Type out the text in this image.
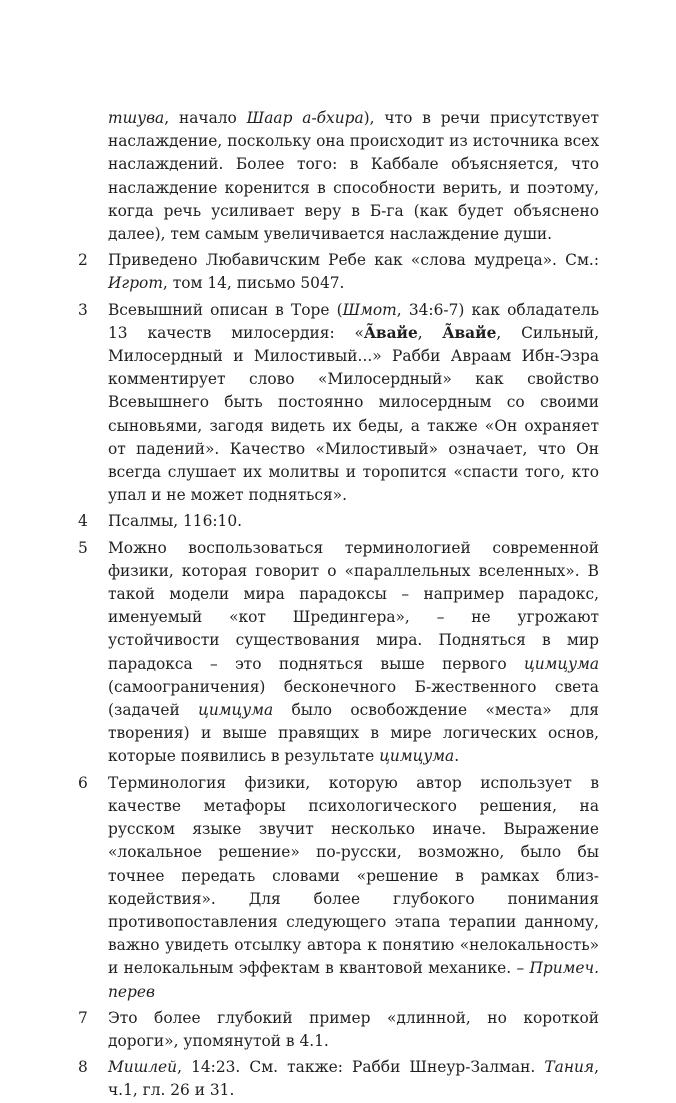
тшува, начало Шаар а-бхира), что в речи присутствует наслаждение, поскольку она происходит из источника всех наслаждений. Более того: в Каббале объясняется, что наслаждение коренится в способности верить, и поэтому, когда речь усиливает веру в Б-га (как будет объяснено далее), тем самым увеличивается наслаждение души.
2	Приведено Любавичским Ребе как «слова мудреца». См.: Игрот, том 14, письмо 5047.
3	Всевышний описан в Торе (Шмот, 34:6-7) как обладатель 13 качеств милосердия: «Ãвайе, Ãвайе, Сильный, Милосердный и Милостивый...» Рабби Авраам Ибн-Эзра комментирует слово «Милосердный» как свойство Всевышнего быть постоянно милосердным со своими сыновьями, загодя видеть их беды, а также «Он охраняет от падений». Качество «Милостивый» означает, что Он всегда слушает их молитвы и торопится «спасти того, кто упал и не может подняться».
4	Псалмы, 116:10.
5	Можно воспользоваться терминологией современной физики, которая говорит о «параллельных вселенных». В такой модели мира парадоксы – например парадокс, именуемый «кот Шредингера», – не угрожают устойчивости существования мира. Подняться в мир парадокса – это подняться выше первого цимцума (самоограничения) бесконечного Б-жественного света (задачей цимцума было освобождение «места» для творения) и выше правящих в мире логических основ, которые появились в результате цимцума.
6	Терминология физики, которую автор использует в качестве метафоры психологического решения, на русском языке звучит несколько иначе. Выражение «локальное решение» по-русски, возможно, было бы точнее передать словами «решение в рамках близкодействия». Для более глубокого понимания противопоставления следующего этапа терапии данному, важно увидеть отсылку автора к понятию «нелокальность» и нелокальным эффектам в квантовой механике. – Примеч. перев
7	Это более глубокий пример «длинной, но короткой дороги», упомянутой в 4.1.
8	Мишлей, 14:23. См. также: Рабби Шнеур-Залман. Тания, ч.1, гл. 26 и 31.
